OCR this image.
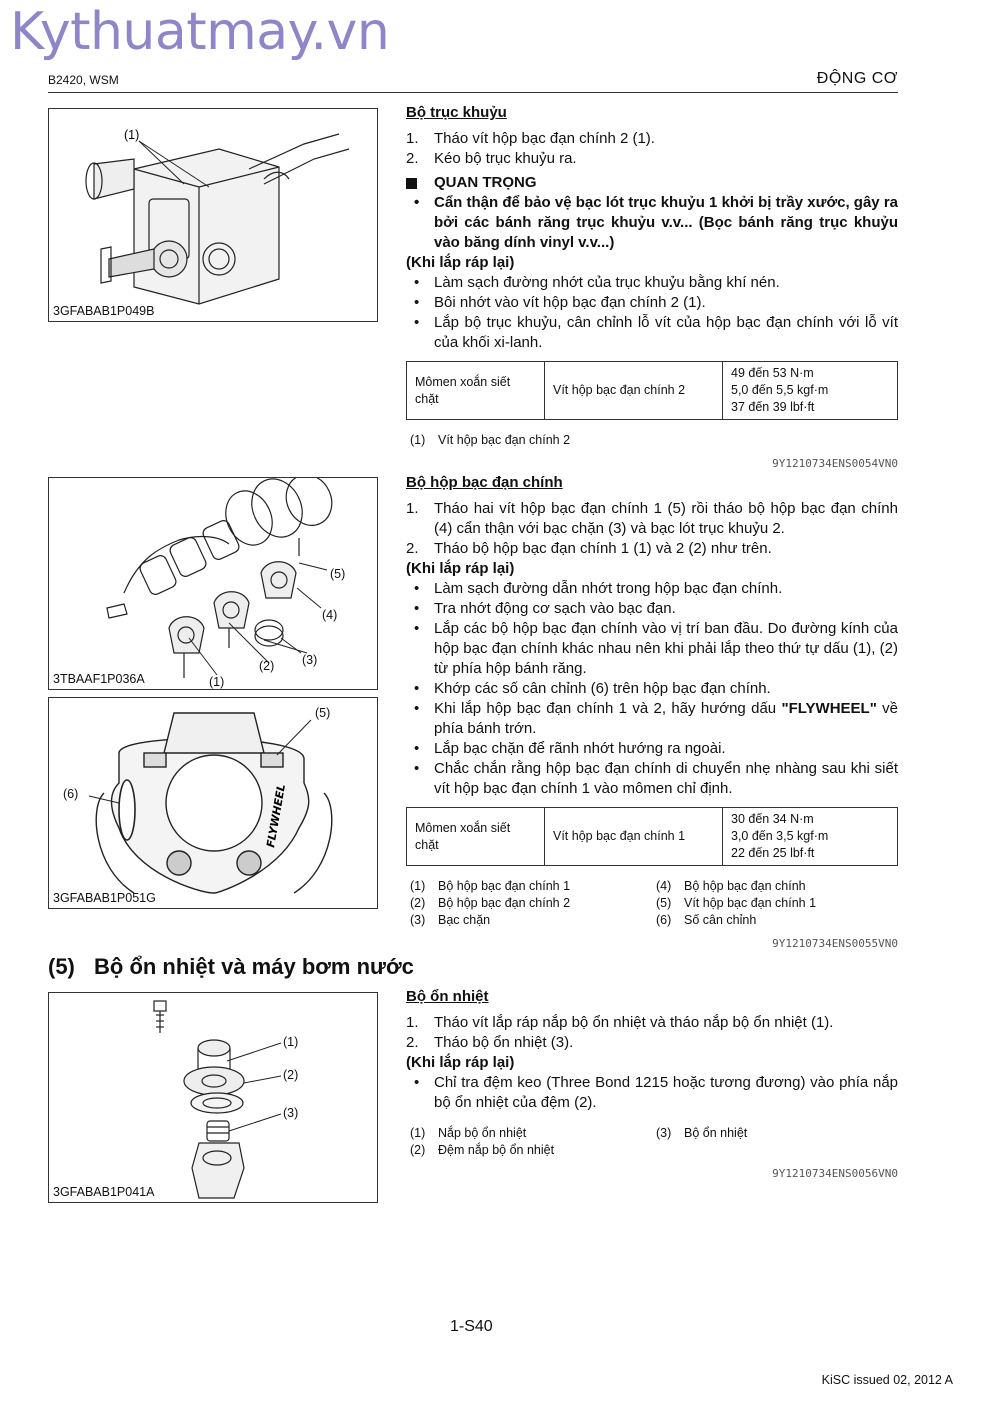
Kythuatmay.vn
B2420, WSM	ĐỘNG CƠ
(1)
3GFABAB1P049B
(5)
(4)
(3)
(2)
(1)
3TBAAF1P036A
FLYWHEEL
(5)
(6)
3GFABAB1P051G
(1)
(2)
(3)
3GFABAB1P041A
Bộ trục khuỷu
1. Tháo vít hộp bạc đạn chính 2 (1).
2. Kéo bộ trục khuỷu ra.
QUAN TRỌNG
• Cẩn thận để bảo vệ bạc lót trục khuỷu 1 khởi bị trầy xước, gây ra bởi các bánh răng trục khuỷu v.v... (Bọc bánh răng trục khuỷu vào băng dính vinyl v.v...)
(Khi lắp ráp lại)
• Làm sạch đường nhớt của trục khuỷu bằng khí nén.
• Bôi nhớt vào vít hộp bạc đạn chính 2 (1).
• Lắp bộ trục khuỷu, cân chỉnh lỗ vít của hộp bạc đạn chính với lỗ vít của khối xi-lanh.
Mômen xoắn siết chặt	Vít hộp bạc đạn chính 2	
49 đến 53 N·m
5,0 đến 5,5 kgf·m
37 đến 39 lbf·ft
(1) Vít hộp bạc đạn chính 2
9Y1210734ENS0054VN0
Bộ hộp bạc đạn chính
1. Tháo hai vít hộp bạc đạn chính 1 (5) rồi tháo bộ hộp bạc đạn chính (4) cẩn thận với bạc chặn (3) và bạc lót trục khuỷu 2.
2. Tháo bộ hộp bạc đạn chính 1 (1) và 2 (2) như trên.
(Khi lắp ráp lại)
• Làm sạch đường dẫn nhớt trong hộp bạc đạn chính.
• Tra nhớt động cơ sạch vào bạc đạn.
• Lắp các bộ hộp bạc đạn chính vào vị trí ban đầu. Do đường kính của hộp bạc đạn chính khác nhau nên khi phải lắp theo thứ tự dấu (1), (2) từ phía hộp bánh răng.
• Khớp các số cân chỉnh (6) trên hộp bạc đạn chính.
• Khi lắp hộp bạc đạn chính 1 và 2, hãy hướng dấu "FLYWHEEL" về phía bánh trớn.
• Lắp bạc chặn để rãnh nhớt hướng ra ngoài.
• Chắc chắn rằng hộp bạc đạn chính di chuyển nhẹ nhàng sau khi siết vít hộp bạc đạn chính 1 vào mômen chỉ định.
Mômen xoắn siết chặt	Vít hộp bạc đạn chính 1	
30 đến 34 N·m
3,0 đến 3,5 kgf·m
22 đến 25 lbf·ft
(1) Bộ hộp bạc đạn chính 1	(4) Bộ hộp bạc đạn chính
(2) Bộ hộp bạc đạn chính 2	(5) Vít hộp bạc đạn chính 1
(3) Bạc chặn	(6) Số cân chỉnh
9Y1210734ENS0055VN0
(5) Bộ ổn nhiệt và máy bơm nước
Bộ ổn nhiệt
1. Tháo vít lắp ráp nắp bộ ổn nhiệt và tháo nắp bộ ổn nhiệt (1).
2. Tháo bộ ổn nhiệt (3).
(Khi lắp ráp lại)
• Chỉ tra đệm keo (Three Bond 1215 hoặc tương đương) vào phía nắp bộ ổn nhiệt của đệm (2).
(1) Nắp bộ ổn nhiệt	(3) Bộ ổn nhiệt
(2) Đệm nắp bộ ổn nhiệt
9Y1210734ENS0056VN0
1-S40
KiSC issued 02, 2012 A
